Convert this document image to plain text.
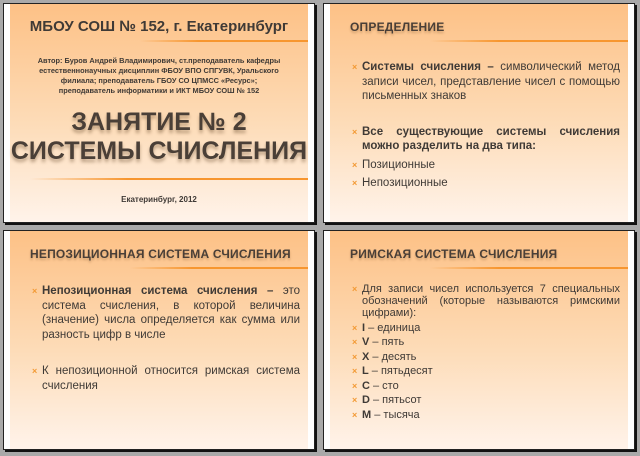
МБОУ СОШ № 152, г. Екатеринбург
Автор: Буров Андрей Владимирович, ст.преподаватель кафедры
естественнонаучных дисциплин ФБОУ ВПО СПГУВК, Уральского
филиала; преподаватель ГБОУ СО ЦПМСС «Ресурс»;
преподаватель информатики и ИКТ МБОУ СОШ № 152
ЗАНЯТИЕ № 2
СИСТЕМЫ СЧИСЛЕНИЯ
Екатеринбург, 2012
ОПРЕДЕЛЕНИЕ
× Системы счисления – символический метод записи чисел, представление чисел с помощью письменных знаков
× Все существующие системы счисления можно разделить на два типа:
× Позиционные
× Непозиционные
НЕПОЗИЦИОННАЯ СИСТЕМА СЧИСЛЕНИЯ
× Непозиционная система счисления – это система счисления, в которой величина (значение) числа определяется как сумма или разность цифр в числе
× К непозиционной относится римская система счисления
РИМСКАЯ СИСТЕМА СЧИСЛЕНИЯ
× Для записи чисел используется 7 специальных обозначений (которые называются римскими цифрами):
× I – единица
× V – пять
× X – десять
× L – пятьдесят
× C – сто
× D – пятьсот
× M – тысяча
